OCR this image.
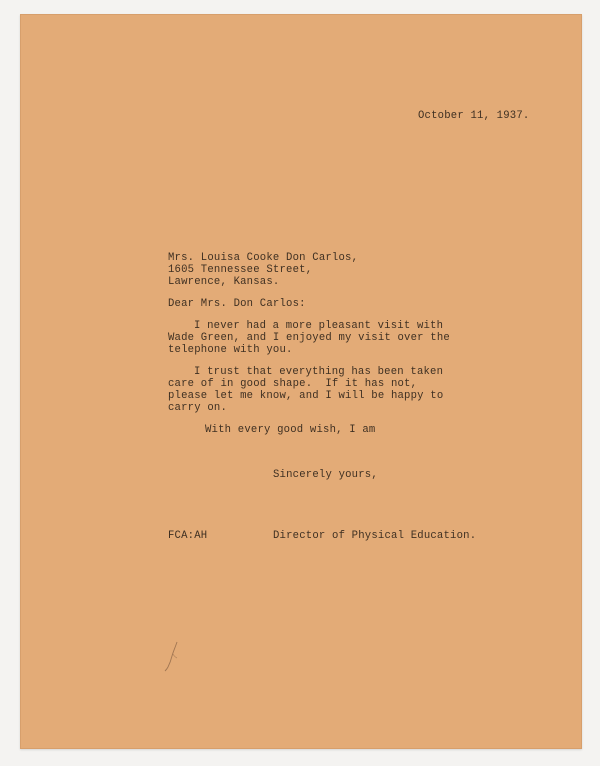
October 11, 1937.
Mrs. Louisa Cooke Don Carlos,
1605 Tennessee Street,
Lawrence, Kansas.
Dear Mrs. Don Carlos:
I never had a more pleasant visit with
Wade Green, and I enjoyed my visit over the
telephone with you.
I trust that everything has been taken
care of in good shape.  If it has not,
please let me know, and I will be happy to
carry on.
With every good wish, I am
Sincerely yours,
FCA:AH	Director of Physical Education.
